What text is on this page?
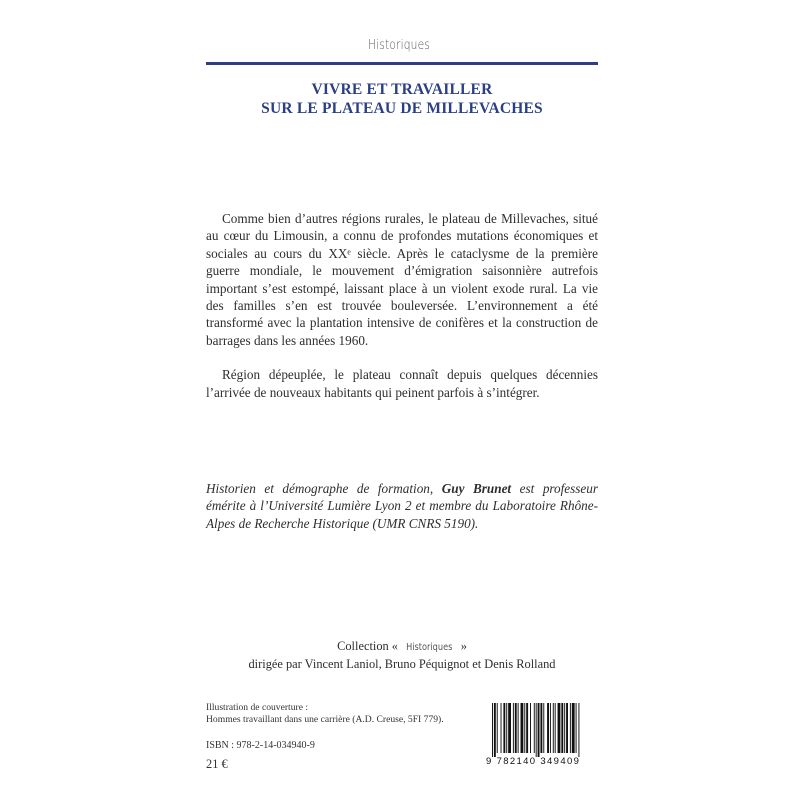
Historiques
VIVRE ET TRAVAILLER
SUR LE PLATEAU DE MILLEVACHES

Comme bien d’autres régions rurales, le plateau de Millevaches, situé au cœur du Limousin, a connu de profondes mutations économiques et sociales au cours du XXᵉ siècle. Après le cataclysme de la première guerre mondiale, le mouvement d’émigration saisonnière autrefois important s’est estompé, laissant place à un violent exode rural. La vie des familles s’en est trouvée bouleversée. L’environnement a été transformé avec la plantation intensive de conifères et la construction de barrages dans les années 1960.

Région dépeuplée, le plateau connaît depuis quelques décennies l’arrivée de nouveaux habitants qui peinent parfois à s’intégrer.

Historien et démographe de formation, Guy Brunet est professeur émérite à l’Université Lumière Lyon 2 et membre du Laboratoire Rhône-Alpes de Recherche Historique (UMR CNRS 5190).
Collection « Historiques »
dirigée par Vincent Laniol, Bruno Péquignot et Denis Rolland
Illustration de couverture :
Hommes travaillant dans une carrière (A.D. Creuse, 5FI 779).
ISBN : 978-2-14-034940-9
21 €	9 782140 349409
